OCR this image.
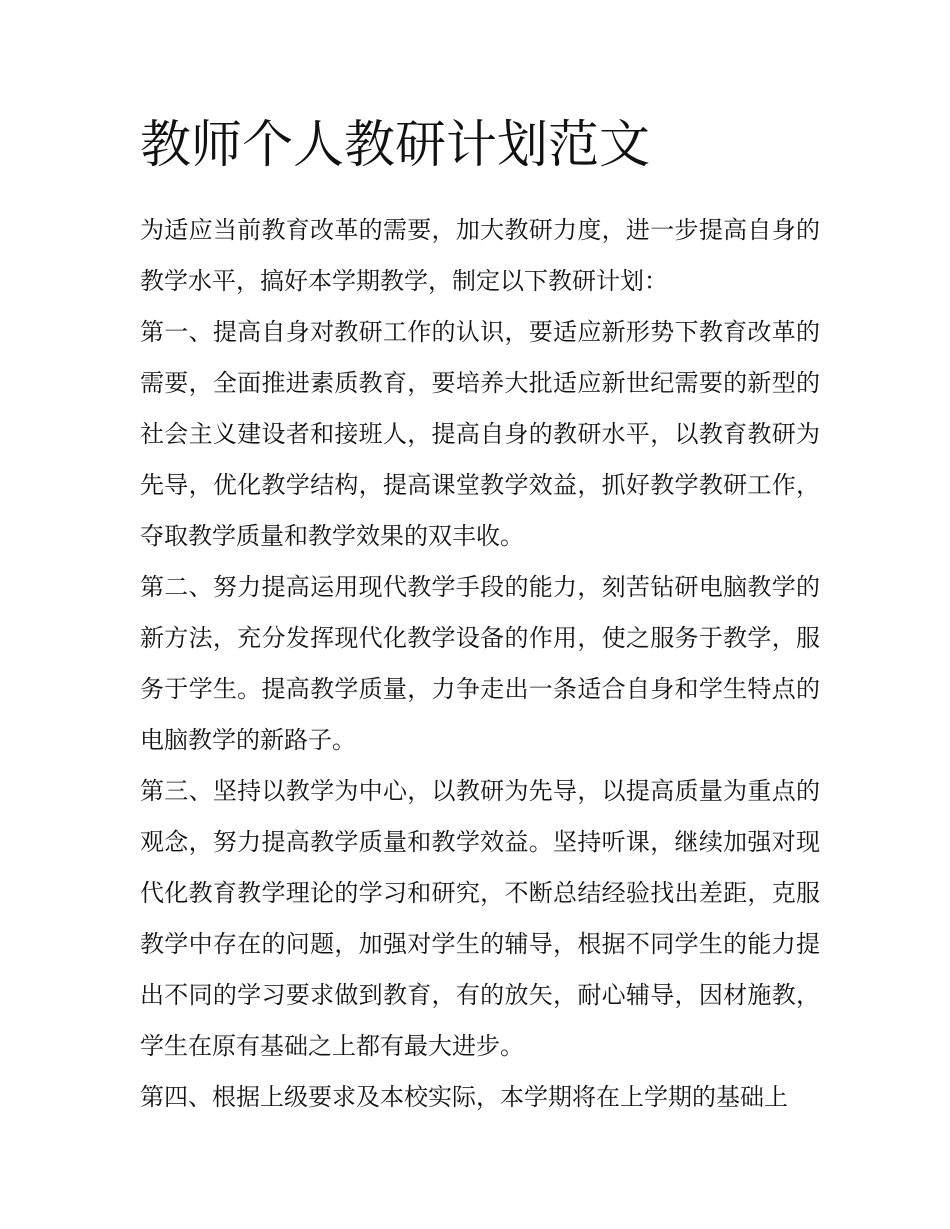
教师个人教研计划范文

为适应当前教育改革的需要，加大教研力度，进一步提高自身的教学水平，搞好本学期教学，制定以下教研计划：

第一、提高自身对教研工作的认识，要适应新形势下教育改革的需要，全面推进素质教育，要培养大批适应新世纪需要的新型的社会主义建设者和接班人，提高自身的教研水平，以教育教研为先导，优化教学结构，提高课堂教学效益，抓好教学教研工作，夺取教学质量和教学效果的双丰收。

第二、努力提高运用现代教学手段的能力，刻苦钻研电脑教学的新方法，充分发挥现代化教学设备的作用，使之服务于教学，服务于学生。提高教学质量，力争走出一条适合自身和学生特点的电脑教学的新路子。

第三、坚持以教学为中心，以教研为先导，以提高质量为重点的观念，努力提高教学质量和教学效益。坚持听课，继续加强对现代化教育教学理论的学习和研究，不断总结经验找出差距，克服教学中存在的问题，加强对学生的辅导，根据不同学生的能力提出不同的学习要求做到教育，有的放矢，耐心辅导，因材施教，学生在原有基础之上都有最大进步。

第四、根据上级要求及本校实际，本学期将在上学期的基础上
